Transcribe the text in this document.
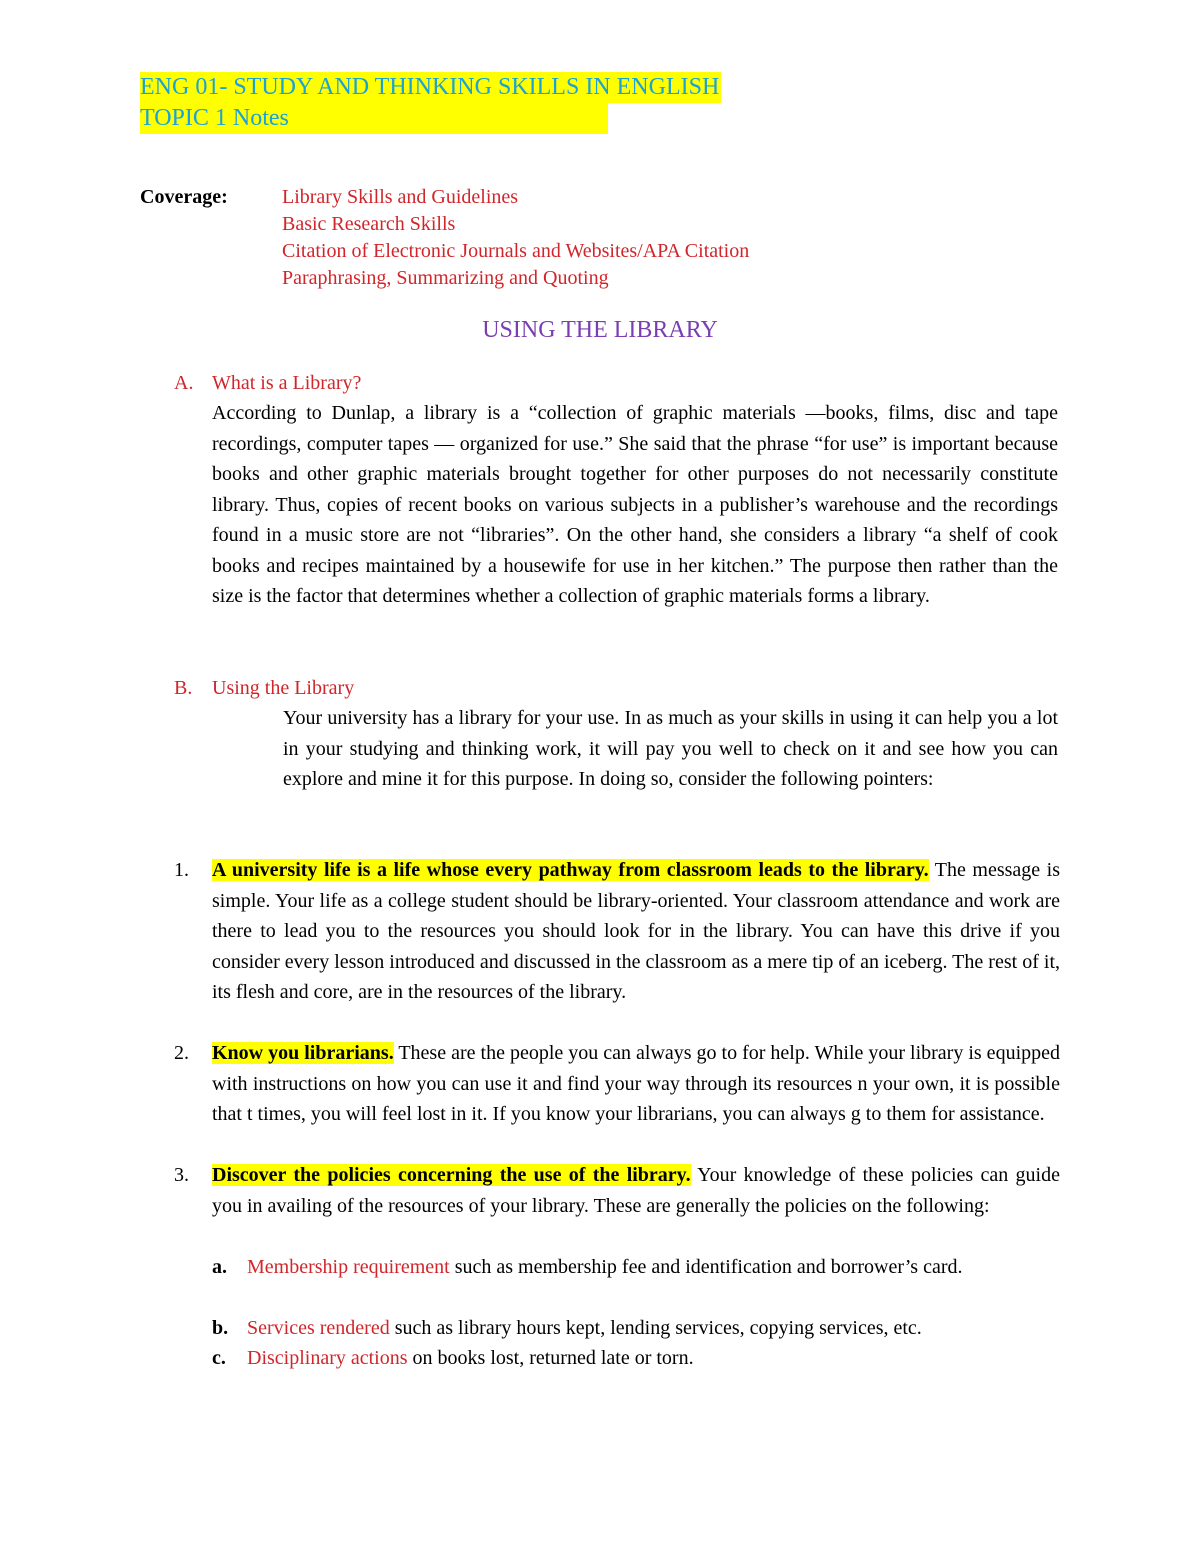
ENG 01- STUDY AND THINKING SKILLS IN ENGLISH
TOPIC 1 Notes
Coverage:	Library Skills and Guidelines
Basic Research Skills
Citation of Electronic Journals and Websites/APA Citation
Paraphrasing, Summarizing and Quoting
USING THE LIBRARY
A. What is a Library?

According to Dunlap, a library is a “collection of graphic materials —books, films, disc and tape recordings, computer tapes — organized for use.” She said that the phrase “for use” is important because books and other graphic materials brought together for other purposes do not necessarily constitute library. Thus, copies of recent books on various subjects in a publisher’s warehouse and the recordings found in a music store are not “libraries”. On the other hand, she considers a library “a shelf of cook books and recipes maintained by a housewife for use in her kitchen.” The purpose then rather than the size is the factor that determines whether a collection of graphic materials forms a library.

B. Using the Library

Your university has a library for your use. In as much as your skills in using it can help you a lot in your studying and thinking work, it will pay you well to check on it and see how you can explore and mine it for this purpose. In doing so, consider the following pointers:

1.	A university life is a life whose every pathway from classroom leads to the library. The message is simple. Your life as a college student should be library-oriented. Your classroom attendance and work are there to lead you to the resources you should look for in the library. You can have this drive if you consider every lesson introduced and discussed in the classroom as a mere tip of an iceberg. The rest of it, its flesh and core, are in the resources of the library.
2.	Know you librarians. These are the people you can always go to for help. While your library is equipped with instructions on how you can use it and find your way through its resources n your own, it is possible that t times, you will feel lost in it. If you know your librarians, you can always g to them for assistance.
3.	Discover the policies concerning the use of the library. Your knowledge of these policies can guide you in availing of the resources of your library. These are generally the policies on the following:
a. Membership requirement such as membership fee and identification and borrower’s card.
b. Services rendered such as library hours kept, lending services, copying services, etc.
c. Disciplinary actions on books lost, returned late or torn.
